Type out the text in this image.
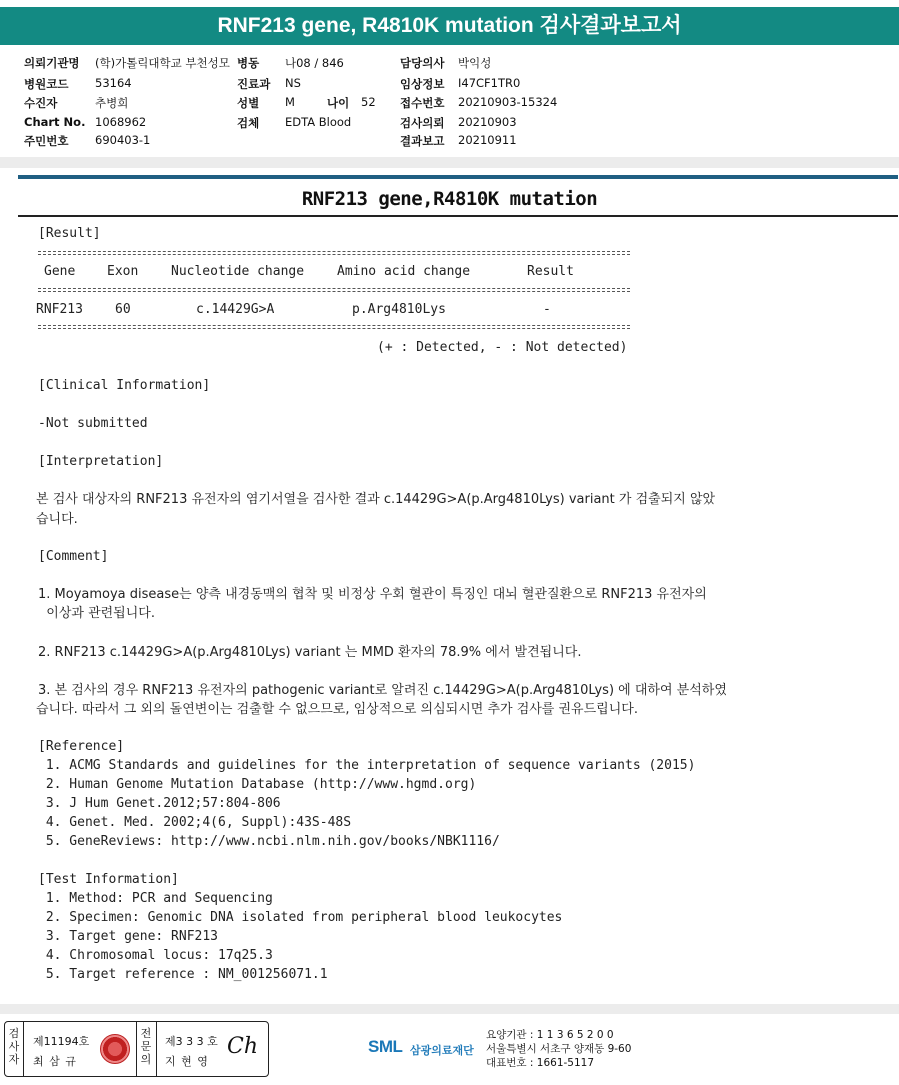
RNF213 gene, R4810K mutation 검사결과보고서
의뢰기관명 (학)가톨릭대학교 부천성모 병동 나08 / 846	담당의사 박익성
병원코드 53164	진료과 NS	임상정보 I47CF1TR0
수진자	추병희	성별 M	나이 52 접수번호 20210903-15324
Chart No. 1068962	검체 EDTA Blood	검사의뢰 20210903
주민번호 690403-1	결과보고 20210911
RNF213 gene,R4810K mutation
[Result]
Gene Exon	Nucleotide change	Amino acid change	Result
RNF213 60	c.14429G>A	p.Arg4810Lys	-
(+ : Detected, - : Not detected)
[Clinical Information]
-Not submitted
[Interpretation]
본 검사 대상자의 RNF213 유전자의 염기서열을 검사한 결과 c.14429G>A(p.Arg4810Lys) variant 가 검출되지 않았
습니다.
[Comment]
1. Moyamoya disease는 양측 내경동맥의 협착 및 비정상 우회 혈관이 특징인 대뇌 혈관질환으로 RNF213 유전자의
이상과 관련됩니다.
2. RNF213 c.14429G>A(p.Arg4810Lys) variant 는 MMD 환자의 78.9% 에서 발견됩니다.
3. 본 검사의 경우 RNF213 유전자의 pathogenic variant로 알려진 c.14429G>A(p.Arg4810Lys) 에 대하여 분석하였
습니다. 따라서 그 외의 돌연변이는 검출할 수 없으므로, 임상적으로 의심되시면 추가 검사를 권유드립니다.
[Reference]
1. ACMG Standards and guidelines for the interpretation of sequence variants (2015)
2. Human Genome Mutation Database (http://www.hgmd.org)
3. J Hum Genet.2012;57:804-806
4. Genet. Med. 2002;4(6, Suppl):43S-48S
5. GeneReviews: http://www.ncbi.nlm.nih.gov/books/NBK1116/
[Test Information]
1. Method: PCR and Sequencing
2. Specimen: Genomic DNA isolated from peripheral blood leukocytes
3. Target gene: RNF213
4. Chromosomal locus: 17q25.3
5. Target reference : NM_001256071.1
검사자
제11194호
최 삼 규
전문의
제3 3 3 호
지 현 영
Ch	SML 삼광의료재단
요양기관 : 1 1 3 6 5 2 0 0
서울특별시 서초구 양재동 9-60
대표번호 : 1661-5117
